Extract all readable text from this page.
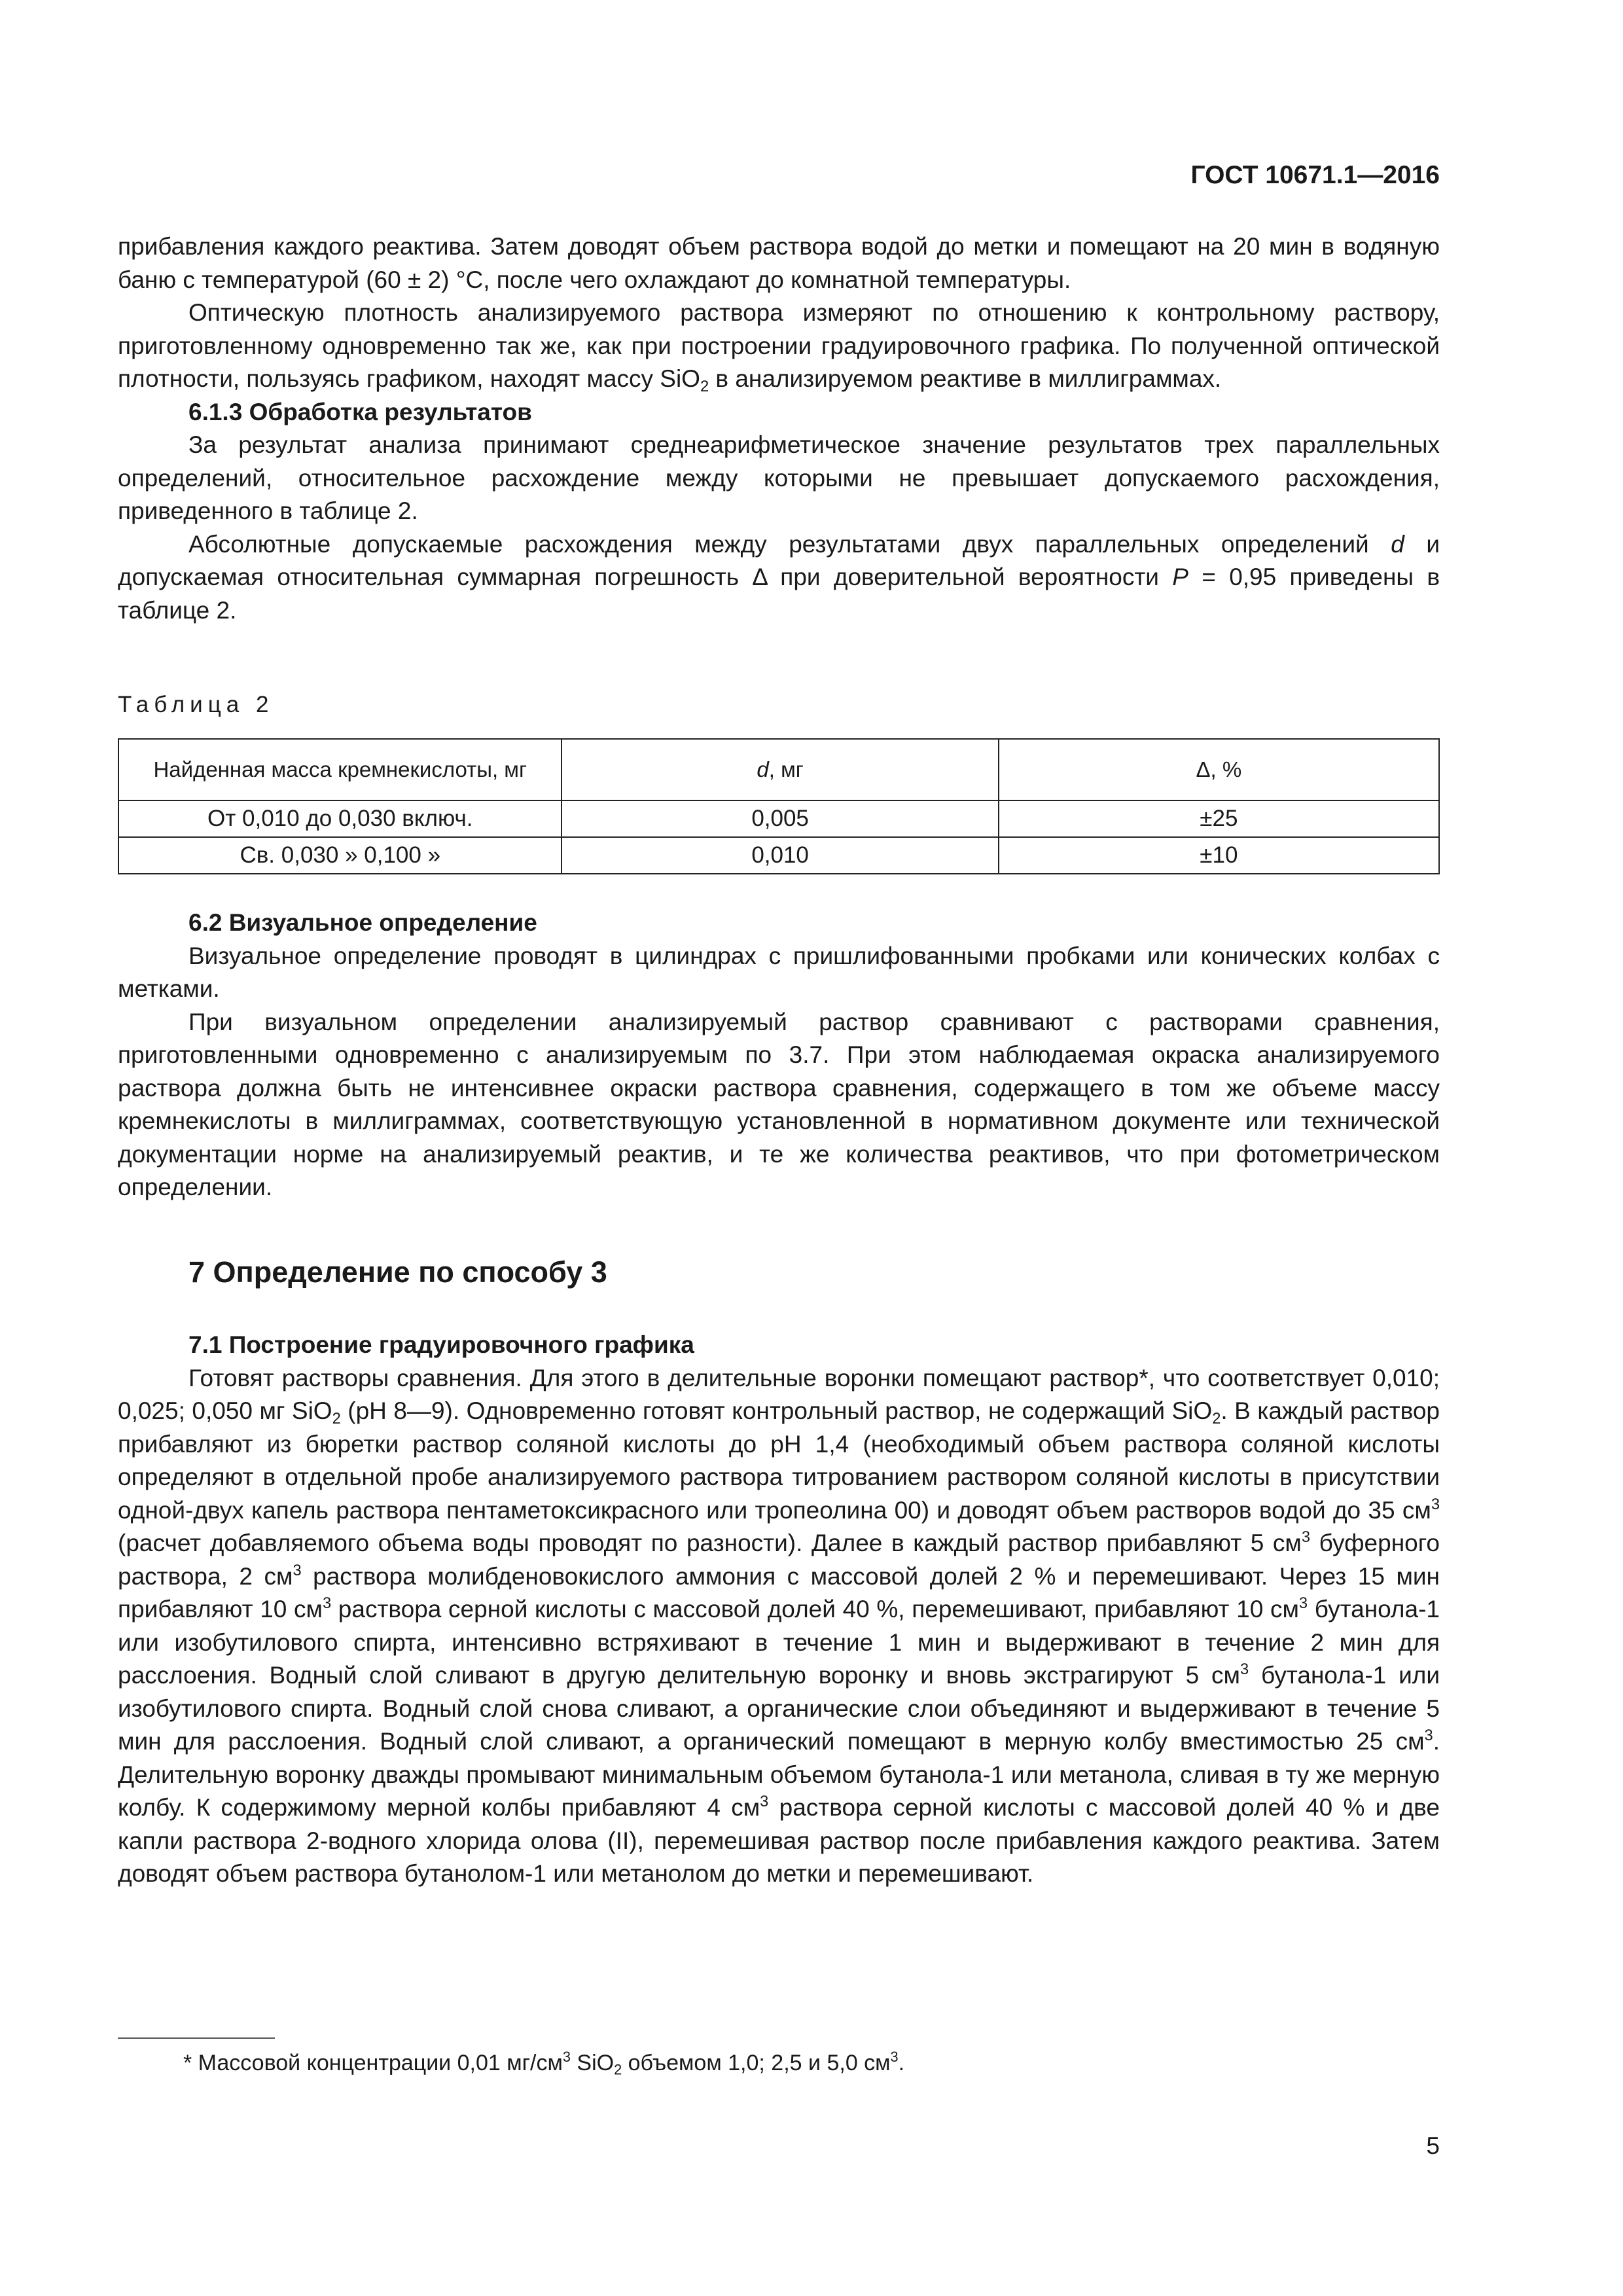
ГОСТ 10671.1—2016

прибавления каждого реактива. Затем доводят объем раствора водой до метки и помещают на 20 мин в водяную баню с температурой (60 ± 2) °С, после чего охлаждают до комнатной температуры.

Оптическую плотность анализируемого раствора измеряют по отношению к контрольному раствору, приготовленному одновременно так же, как при построении градуировочного графика. По полученной оптической плотности, пользуясь графиком, находят массу SiO$_2$ в анализируемом реактиве в миллиграммах.

6.1.3 Обработка результатов

За результат анализа принимают среднеарифметическое значение результатов трех параллельных определений, относительное расхождение между которыми не превышает допускаемого расхождения, приведенного в таблице 2.

Абсолютные допускаемые расхождения между результатами двух параллельных определений d и допускаемая относительная суммарная погрешность Δ при доверительной вероятности P = 0,95 приведены в таблице 2.

Таблица 2
Найденная масса кремнекислоты, мг	d, мг	Δ, %
От 0,010 до 0,030 включ.	0,005	±25
Св. 0,030 » 0,100 »	0,010	±10
6.2 Визуальное определение

Визуальное определение проводят в цилиндрах с пришлифованными пробками или конических колбах с метками.

При визуальном определении анализируемый раствор сравнивают с растворами сравнения, приготовленными одновременно с анализируемым по 3.7. При этом наблюдаемая окраска анализируемого раствора должна быть не интенсивнее окраски раствора сравнения, содержащего в том же объеме массу кремнекислоты в миллиграммах, соответствующую установленной в нормативном документе или технической документации норме на анализируемый реактив, и те же количества реактивов, что при фотометрическом определении.

7 Определение по способу 3
7.1 Построение градуировочного графика

Готовят растворы сравнения. Для этого в делительные воронки помещают раствор*, что соответствует 0,010; 0,025; 0,050 мг SiO$_2$ (pH 8—9). Одновременно готовят контрольный раствор, не содержащий SiO$_2$. В каждый раствор прибавляют из бюретки раствор соляной кислоты до pH 1,4 (необходимый объем раствора соляной кислоты определяют в отдельной пробе анализируемого раствора титрованием раствором соляной кислоты в присутствии одной-двух капель раствора пентаметоксикрасного или тропеолина 00) и доводят объем растворов водой до 35 $см^3$ (расчет добавляемого объема воды проводят по разности). Далее в каждый раствор прибавляют 5 $см^3$ буферного раствора, 2 $см^3$ раствора молибденовокислого аммония с массовой долей 2 % и перемешивают. Через 15 мин прибавляют 10 $см^3$ раствора серной кислоты с массовой долей 40 %, перемешивают, прибавляют 10 $см^3$ бутанола-1 или изобутилового спирта, интенсивно встряхивают в течение 1 мин и выдерживают в течение 2 мин для расслоения. Водный слой сливают в другую делительную воронку и вновь экстрагируют 5 $см^3$ бутанола-1 или изобутилового спирта. Водный слой снова сливают, а органические слои объединяют и выдерживают в течение 5 мин для расслоения. Водный слой сливают, а органический помещают в мерную колбу вместимостью 25 $см^3$. Делительную воронку дважды промывают минимальным объемом бутанола-1 или метанола, сливая в ту же мерную колбу. К содержимому мерной колбы прибавляют 4 $см^3$ раствора серной кислоты с массовой долей 40 % и две капли раствора 2-водного хлорида олова (II), перемешивая раствор после прибавления каждого реактива. Затем доводят объем раствора бутанолом-1 или метанолом до метки и перемешивают.

* Массовой концентрации 0,01 $мг/см^3$ SiO$_2$ объемом 1,0; 2,5 и 5,0 $см^3$.
5
